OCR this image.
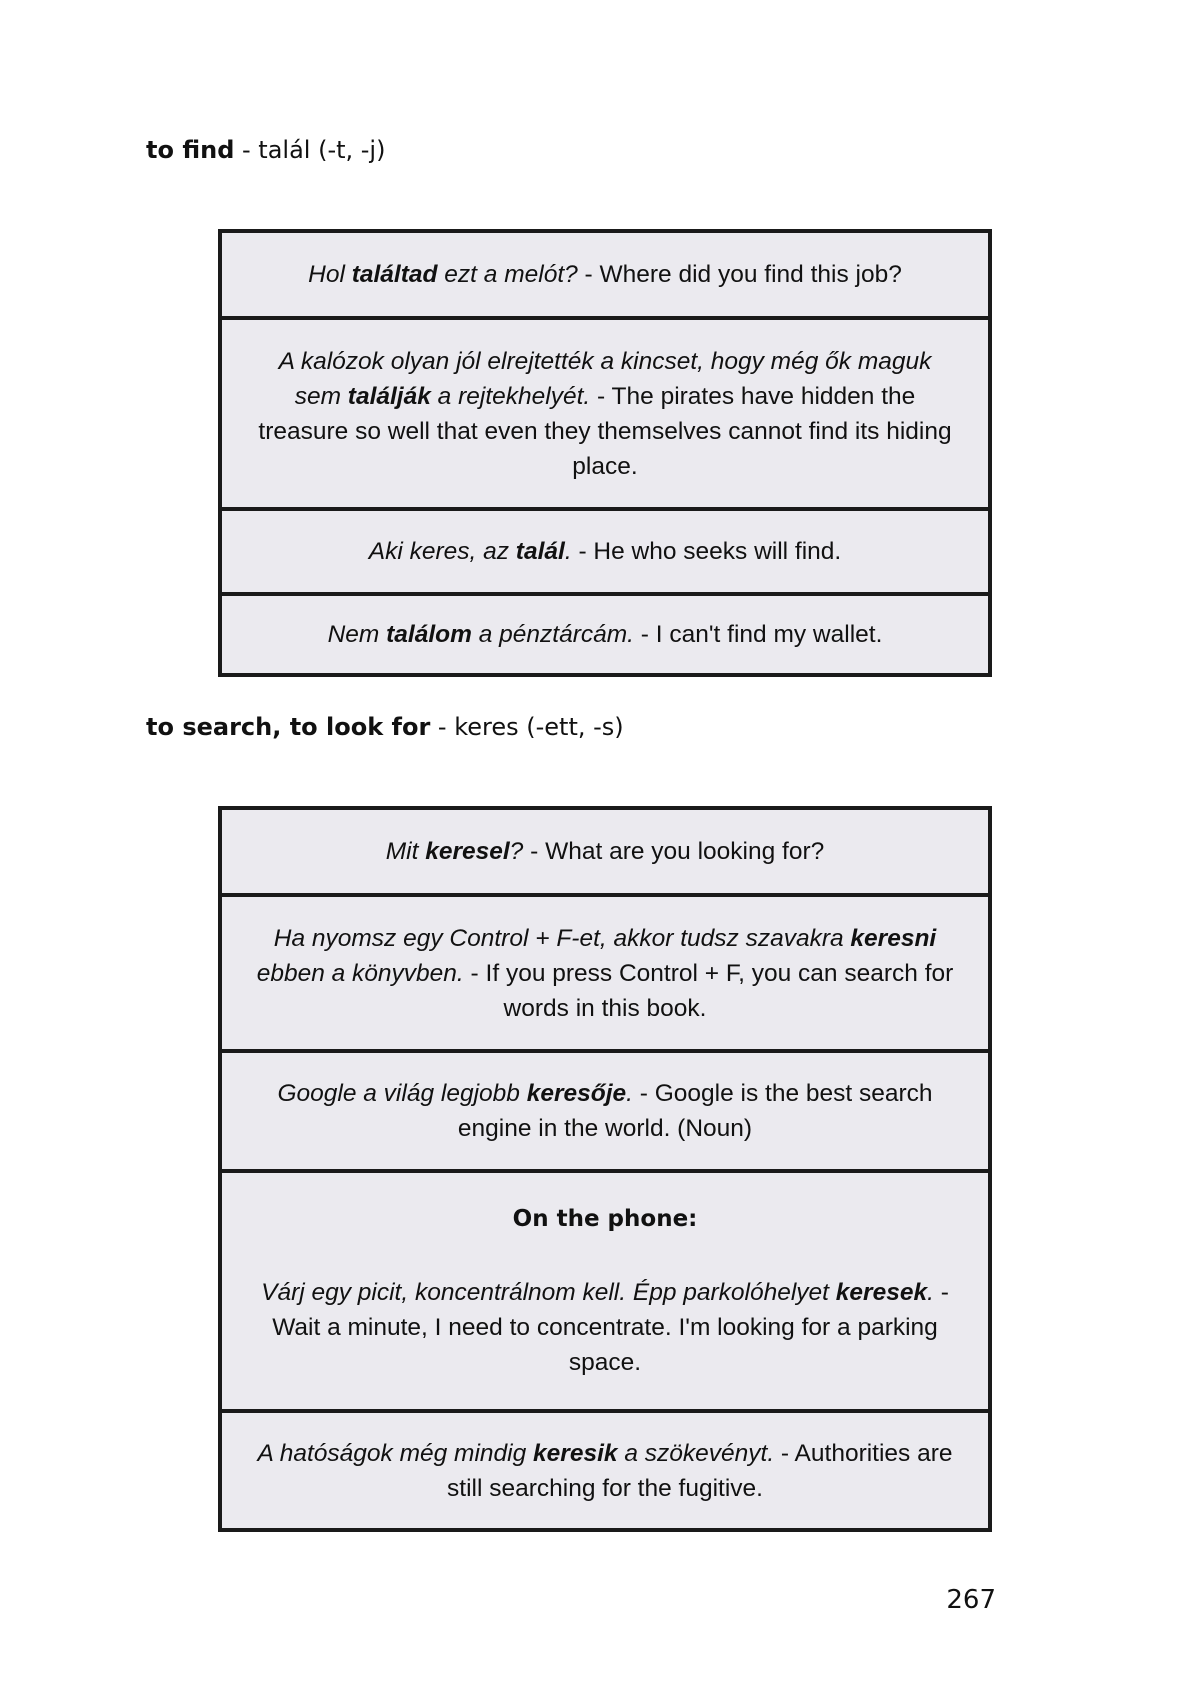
to find - talál (-t, -j)

Hol találtad ezt a melót? - Where did you find this job?

A kalózok olyan jól elrejtették a kincset, hogy még ők maguk sem találják a rejtekhelyét. - The pirates have hidden the treasure so well that even they themselves cannot find its hiding place.

Aki keres, az talál. - He who seeks will find.

Nem találom a pénztárcám. - I can't find my wallet.

to search, to look for - keres (-ett, -s)

Mit keresel? - What are you looking for?

Ha nyomsz egy Control + F-et, akkor tudsz szavakra keresni ebben a könyvben. - If you press Control + F, you can search for words in this book.

Google a világ legjobb keresője. - Google is the best search engine in the world. (Noun)

On the phone:

Várj egy picit, koncentrálnom kell. Épp parkolóhelyet keresek. - Wait a minute, I need to concentrate. I'm looking for a parking space.

A hatóságok még mindig keresik a szökevényt. - Authorities are still searching for the fugitive.

267
